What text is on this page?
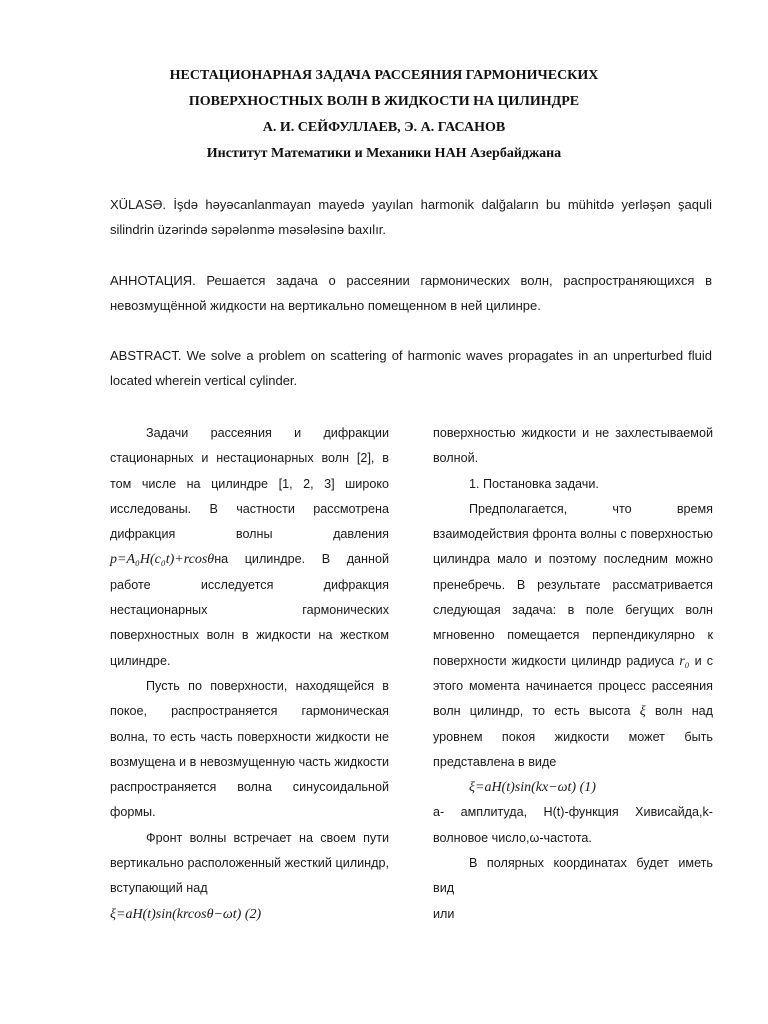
НЕСТАЦИОНАРНАЯ ЗАДАЧА РАССЕЯНИЯ ГАРМОНИЧЕСКИХ
ПОВЕРХНОСТНЫХ ВОЛН В ЖИДКОСТИ НА ЦИЛИНДРЕ
А. И. СЕЙФУЛЛАЕВ, Э. А. ГАСАНОВ
Институт Математики и Механики НАН Азербайджана
XÜLASƏ. İşdə həyəcanlanmayan mayedə yayılan harmonik dalğaların bu mühitdə yerləşən şaquli silindrin üzərində səpələnmə məsələsinə baxılır.
АННОТАЦИЯ. Решается задача о рассеянии гармонических волн, распространяющихся в невозмущённой жидкости на вертикально помещенном в ней цилинре.
ABSTRACT. We solve a problem on scattering of harmonic waves propagates in an unperturbed fluid located wherein vertical cylinder.

Задачи рассеяния и дифракции стационарных и нестационарных волн [2], в том числе на цилиндре [1, 2, 3] широко исследованы. В частности рассмотрена дифракция волны давления p=A₀H(c₀t)+rcosθна цилиндре. В данной работе исследуется дифракция нестационарных гармонических поверхностных волн в жидкости на жестком цилиндре.

Пусть по поверхности, находящейся в покое, распространяется гармоническая волна, то есть часть поверхности жидкости не возмущена и в невозмущенную часть жидкости распространяется волна синусоидальной формы.

Фронт волны встречает на своем пути вертикально расположенный жесткий цилиндр, вступающий над

ξ=aH(t)sin(krcosθ−ωt) (2)

поверхностью жидкости и не захлестываемой волной.

1. Постановка задачи.

Предполагается, что время взаимодействия фронта волны с поверхностью цилиндра мало и поэтому последним можно пренебречь. В результате рассматривается следующая задача: в поле бегущих волн мгновенно помещается перпендикулярно к поверхности жидкости цилиндр радиуса r₀ и с этого момента начинается процесс рассеяния волн цилиндр, то есть высота ξ волн над уровнем покоя жидкости может быть представлена в виде

ξ=aH(t)sin(kx−ωt) (1)

a- амплитуда, H(t)-функция Хивисайда,k-волновое число,ω-частота.

В полярных координатах будет иметь вид

или
